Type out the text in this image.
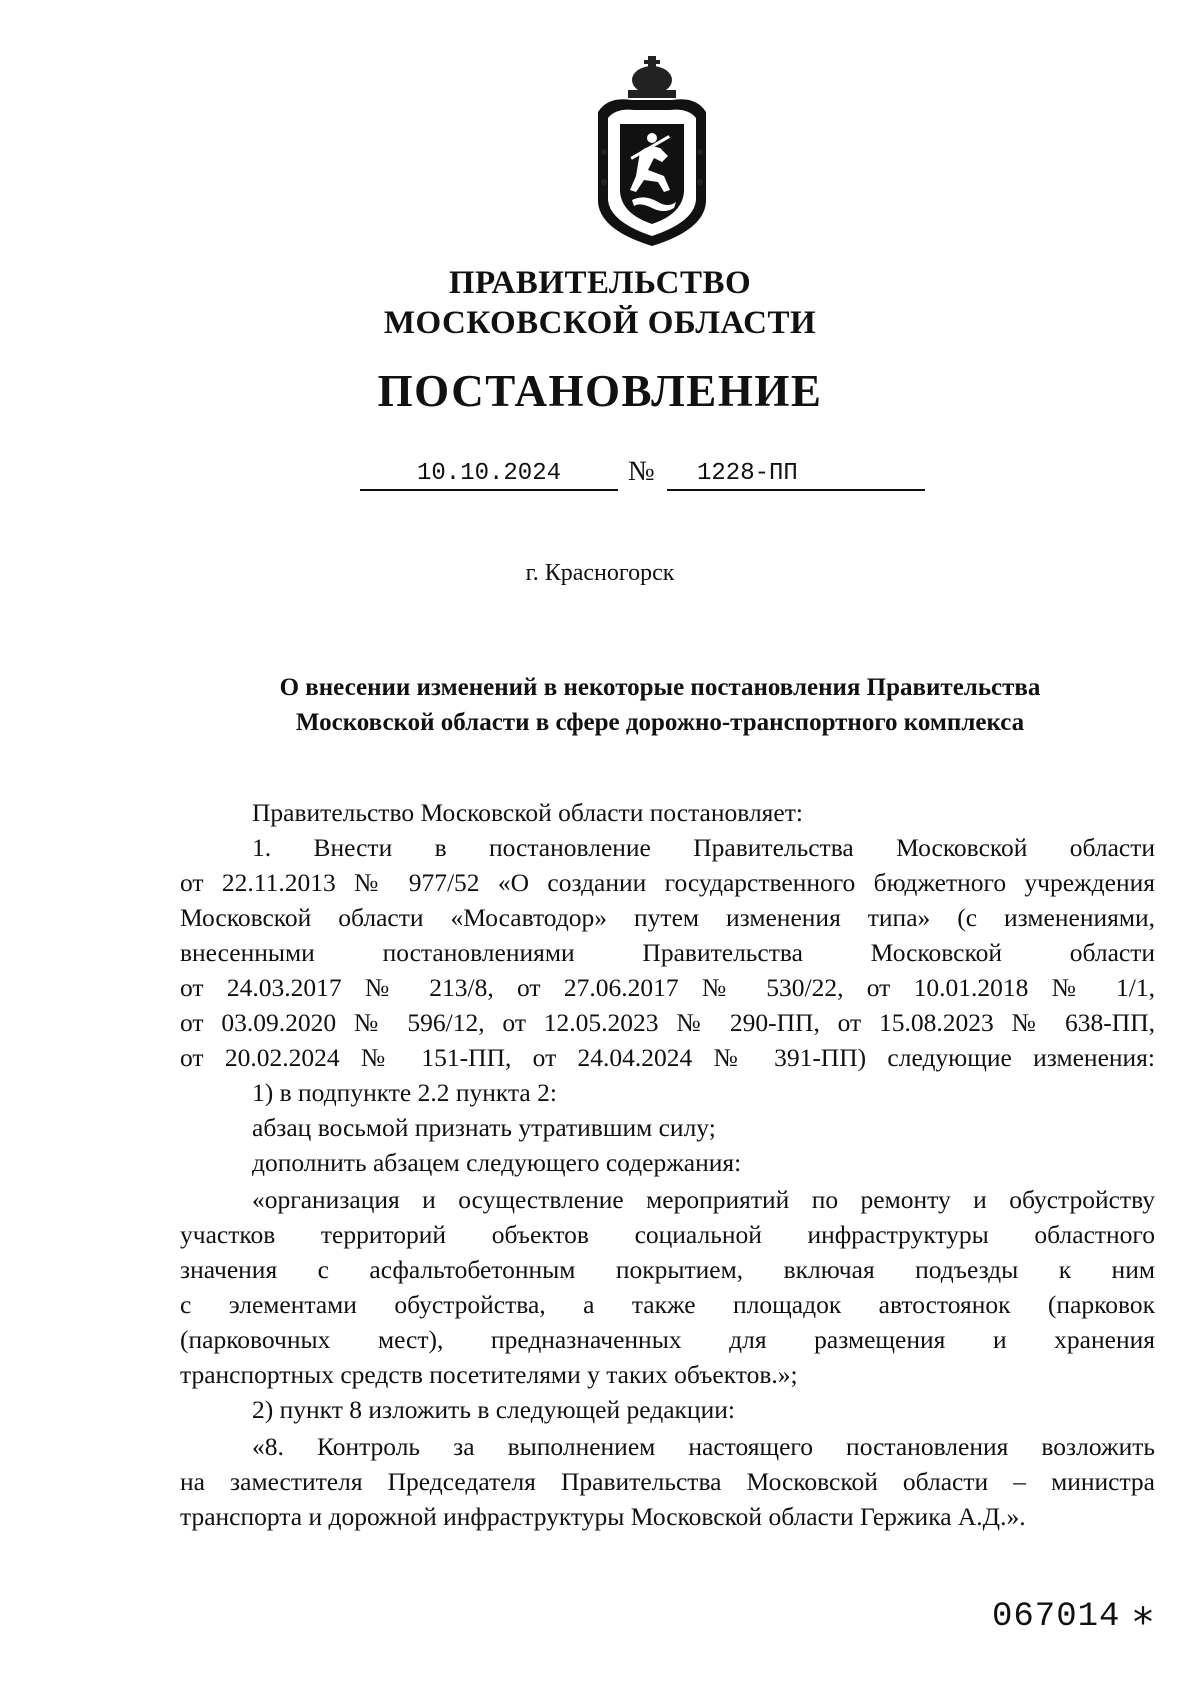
ПРАВИТЕЛЬСТВО
МОСКОВСКОЙ ОБЛАСТИ
ПОСТАНОВЛЕНИЕ
10.10.2024	№	1228-ПП
г. Красногорск
О внесении изменений в некоторые постановления Правительства
Московской области в сфере дорожно-транспортного комплекса
Правительство Московской области постановляет:
1. Внести в постановление Правительства Московской области
от 22.11.2013 № 977/52 «О создании государственного бюджетного учреждения
Московской области «Мосавтодор» путем изменения типа» (с изменениями,
внесенными постановлениями Правительства Московской области
от 24.03.2017 № 213/8, от 27.06.2017 № 530/22, от 10.01.2018 № 1/1,
от 03.09.2020 № 596/12, от 12.05.2023 № 290-ПП, от 15.08.2023 № 638-ПП,
от 20.02.2024 № 151-ПП, от 24.04.2024 № 391-ПП) следующие изменения:
1) в подпункте 2.2 пункта 2:
абзац восьмой признать утратившим силу;
дополнить абзацем следующего содержания:
«организация и осуществление мероприятий по ремонту и обустройству
участков территорий объектов социальной инфраструктуры областного
значения с асфальтобетонным покрытием, включая подъезды к ним
с элементами обустройства, а также площадок автостоянок (парковок
(парковочных мест), предназначенных для размещения и хранения
транспортных средств посетителями у таких объектов.»;
2) пункт 8 изложить в следующей редакции:
«8. Контроль за выполнением настоящего постановления возложить
на заместителя Председателя Правительства Московской области – министра
транспорта и дорожной инфраструктуры Московской области Гержика А.Д.».
067014 *
